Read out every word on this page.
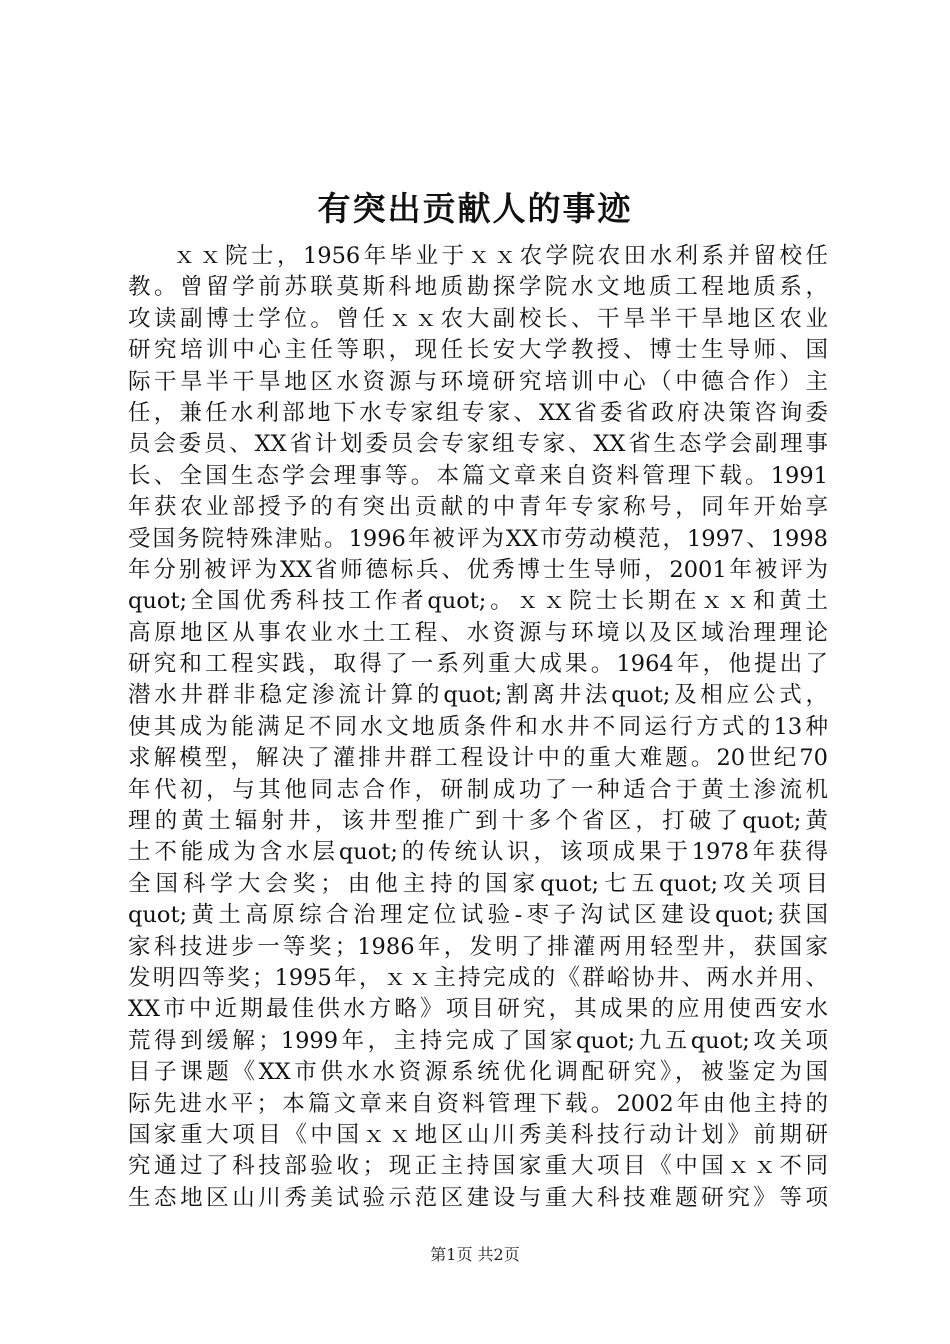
有突出贡献人的事迹
ｘｘ院士，1956年毕业于ｘｘ农学院农田水利系并留校任
教。曾留学前苏联莫斯科地质勘探学院水文地质工程地质系，
攻读副博士学位。曾任ｘｘ农大副校长、干旱半干旱地区农业
研究培训中心主任等职，现任长安大学教授、博士生导师、国
际干旱半干旱地区水资源与环境研究培训中心（中德合作）主
任，兼任水利部地下水专家组专家、XX省委省政府决策咨询委
员会委员、XX省计划委员会专家组专家、XX省生态学会副理事
长、全国生态学会理事等。本篇文章来自资料管理下载。1991
年获农业部授予的有突出贡献的中青年专家称号，同年开始享
受国务院特殊津贴。1996年被评为XX市劳动模范，1997、1998
年分别被评为XX省师德标兵、优秀博士生导师，2001年被评为
quot;全国优秀科技工作者quot;。ｘｘ院士长期在ｘｘ和黄土
高原地区从事农业水土工程、水资源与环境以及区域治理理论
研究和工程实践，取得了一系列重大成果。1964年，他提出了
潜水井群非稳定渗流计算的quot;割离井法quot;及相应公式，
使其成为能满足不同水文地质条件和水井不同运行方式的13种
求解模型，解决了灌排井群工程设计中的重大难题。20世纪70
年代初，与其他同志合作，研制成功了一种适合于黄土渗流机
理的黄土辐射井，该井型推广到十多个省区，打破了quot;黄
土不能成为含水层quot;的传统认识，该项成果于1978年获得
全国科学大会奖；由他主持的国家quot;七五quot;攻关项目
quot;黄土高原综合治理定位试验-枣子沟试区建设quot;获国
家科技进步一等奖；1986年，发明了排灌两用轻型井，获国家
发明四等奖；1995年，ｘｘ主持完成的《群峪协井、两水并用、
XX市中近期最佳供水方略》项目研究，其成果的应用使西安水
荒得到缓解；1999年，主持完成了国家quot;九五quot;攻关项
目子课题《XX市供水水资源系统优化调配研究》，被鉴定为国
际先进水平；本篇文章来自资料管理下载。2002年由他主持的
国家重大项目《中国ｘｘ地区山川秀美科技行动计划》前期研
究通过了科技部验收；现正主持国家重大项目《中国ｘｘ不同
生态地区山川秀美试验示范区建设与重大科技难题研究》等项
第1页 共2页
